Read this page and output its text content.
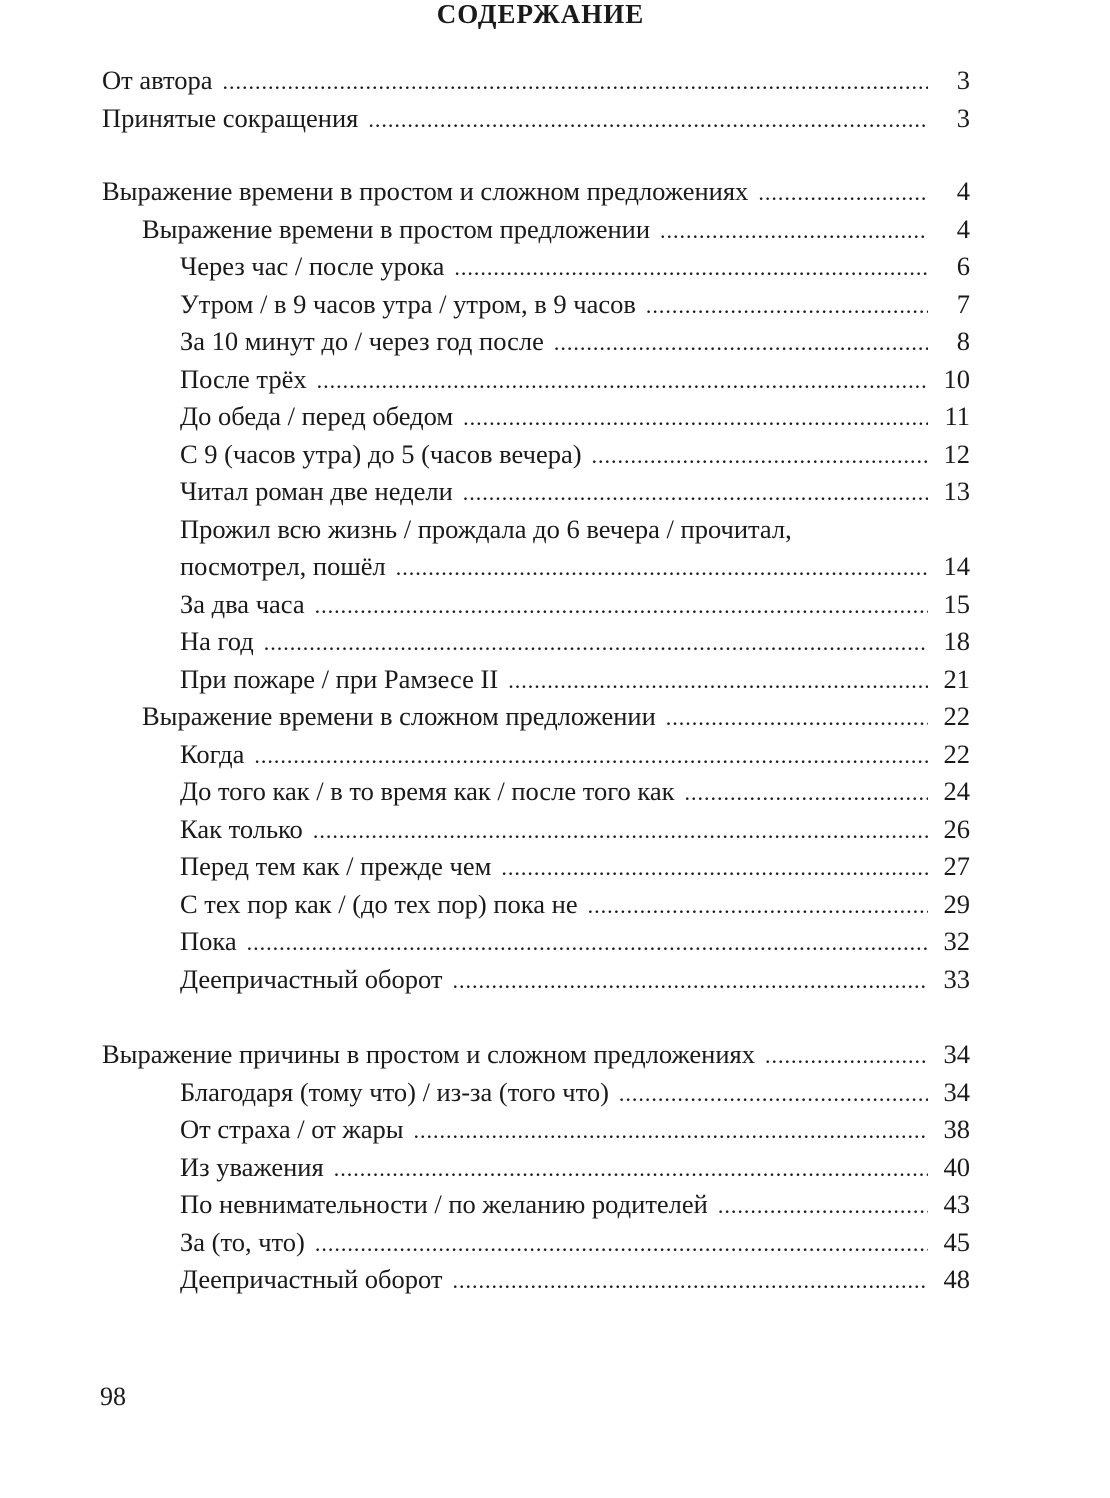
СОДЕРЖАНИЕ
От автора .....	3
Принятые сокращения .....	3
Выражение времени в простом и сложном предложениях .....	4
Выражение времени в простом предложении .....	4
Через час / после урока .....	6
Утром / в 9 часов утра / утром, в 9 часов .....	7
За 10 минут до / через год после .....	8
После трёх .....	10
До обеда / перед обедом .....	11
С 9 (часов утра) до 5 (часов вечера) .....	12
Читал роман две недели .....	13
Прожил всю жизнь / прождала до 6 вечера / прочитал,
посмотрел, пошёл .....	14
За два часа .....	15
На год .....	18
При пожаре / при Рамзесе II .....	21
Выражение времени в сложном предложении .....	22
Когда .....	22
До того как / в то время как / после того как .....	24
Как только .....	26
Перед тем как / прежде чем .....	27
С тех пор как / (до тех пор) пока не .....	29
Пока .....	32
Деепричастный оборот .....	33
Выражение причины в простом и сложном предложениях .....	34
Благодаря (тому что) / из-за (того что) .....	34
От страха / от жары .....	38
Из уважения .....	40
По невнимательности / по желанию родителей .....	43
За (то, что) .....	45
Деепричастный оборот .....	48
98
